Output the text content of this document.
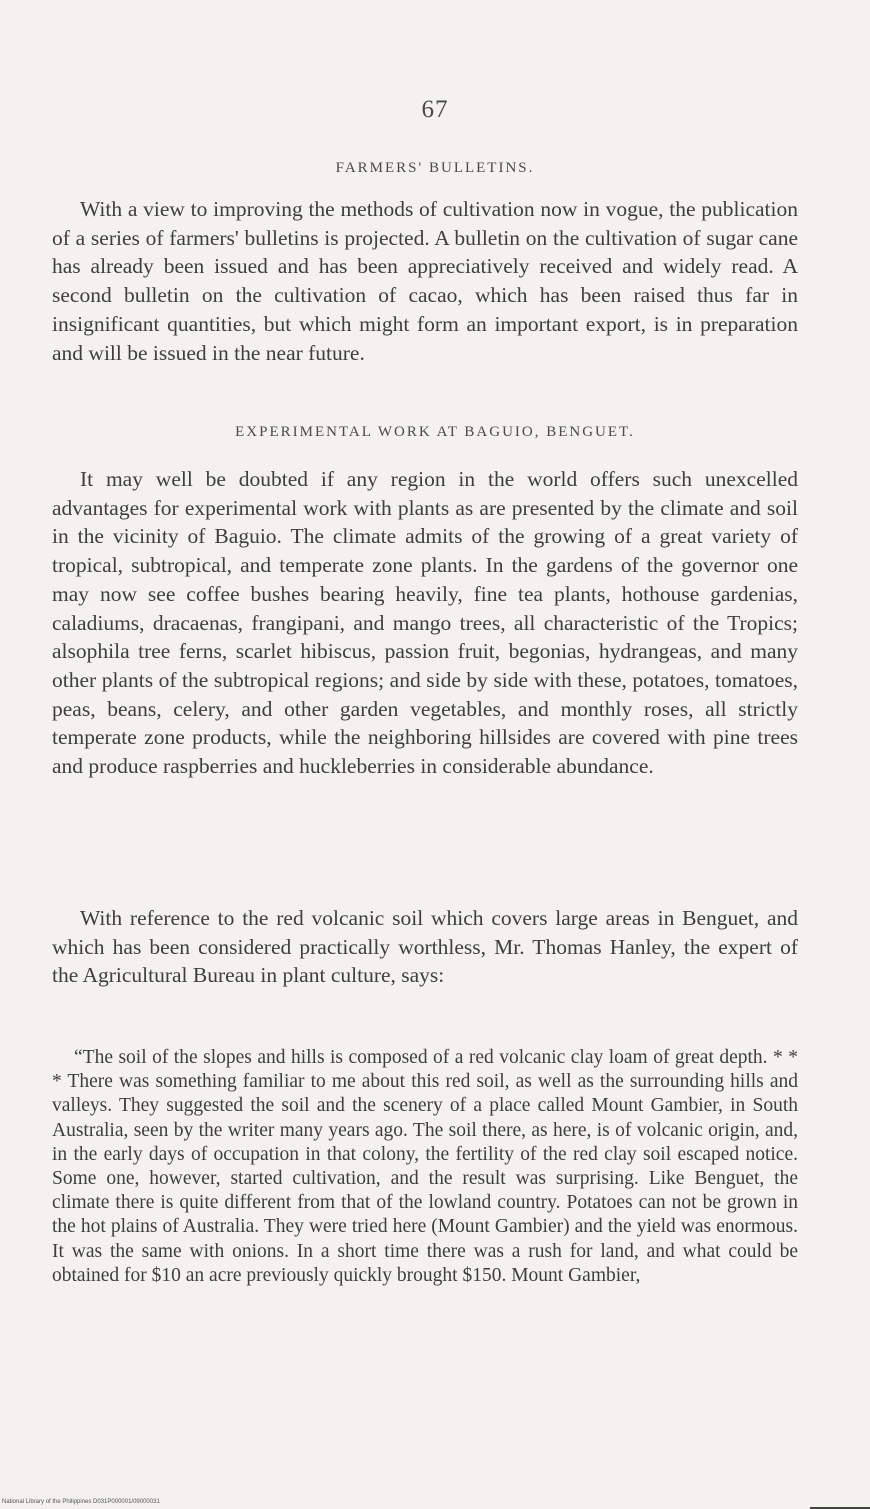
67
FARMERS' BULLETINS.

With a view to improving the methods of cultivation now in vogue, the publication of a series of farmers' bulletins is projected. A bulletin on the cultivation of sugar cane has already been issued and has been appreciatively received and widely read. A second bulletin on the cultivation of cacao, which has been raised thus far in insignificant quantities, but which might form an important export, is in preparation and will be issued in the near future.

EXPERIMENTAL WORK AT BAGUIO, BENGUET.

It may well be doubted if any region in the world offers such unexcelled advantages for experimental work with plants as are presented by the climate and soil in the vicinity of Baguio. The climate admits of the growing of a great variety of tropical, subtropical, and temperate zone plants. In the gardens of the governor one may now see coffee bushes bearing heavily, fine tea plants, hothouse gardenias, caladiums, dracaenas, frangipani, and mango trees, all characteristic of the Tropics; alsophila tree ferns, scarlet hibiscus, passion fruit, begonias, hydrangeas, and many other plants of the subtropical regions; and side by side with these, potatoes, tomatoes, peas, beans, celery, and other garden vegetables, and monthly roses, all strictly temperate zone products, while the neighboring hillsides are covered with pine trees and produce raspberries and huckleberries in considerable abundance.

With reference to the red volcanic soil which covers large areas in Benguet, and which has been considered practically worthless, Mr. Thomas Hanley, the expert of the Agricultural Bureau in plant culture, says:

“The soil of the slopes and hills is composed of a red volcanic clay loam of great depth. * * * There was something familiar to me about this red soil, as well as the surrounding hills and valleys. They suggested the soil and the scenery of a place called Mount Gambier, in South Australia, seen by the writer many years ago. The soil there, as here, is of volcanic origin, and, in the early days of occupation in that colony, the fertility of the red clay soil escaped notice. Some one, however, started cultivation, and the result was surprising. Like Benguet, the climate there is quite different from that of the lowland country. Potatoes can not be grown in the hot plains of Australia. They were tried here (Mount Gambier) and the yield was enormous. It was the same with onions. In a short time there was a rush for land, and what could be obtained for $10 an acre previously quickly brought $150. Mount Gambier,

National Library of the Philippines D031P000001/09000031
